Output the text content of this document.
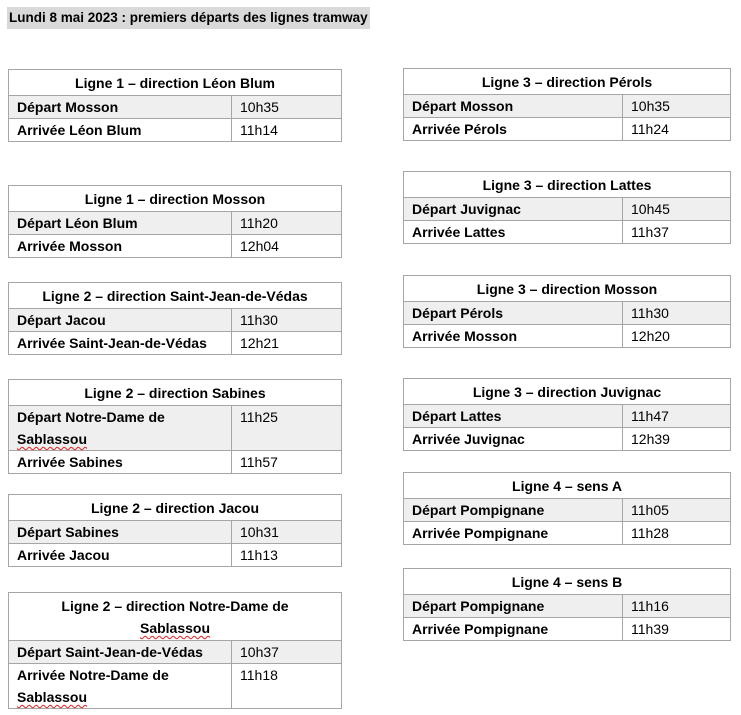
Lundi 8 mai 2023 : premiers départs des lignes tramway
Ligne 1 – direction Léon Blum	
Départ Mosson	10h35
Arrivée Léon Blum	11h14
Ligne 1 – direction Mosson	
Départ Léon Blum	11h20
Arrivée Mosson	12h04
Ligne 2 – direction Saint-Jean-de-Védas	
Départ Jacou	11h30
Arrivée Saint-Jean-de-Védas	12h21
Ligne 2 – direction Sabines	
Départ Notre-Dame de
Sablassou	11h25
Arrivée Sabines	11h57
Ligne 2 – direction Jacou	
Départ Sabines	10h31
Arrivée Jacou	11h13
Ligne 2 – direction Notre-Dame de
Sablassou	
Départ Saint-Jean-de-Védas	10h37
Arrivée Notre-Dame de
Sablassou	11h18
Ligne 3 – direction Pérols	
Départ Mosson	10h35
Arrivée Pérols	11h24
Ligne 3 – direction Lattes	
Départ Juvignac	10h45
Arrivée Lattes	11h37
Ligne 3 – direction Mosson	
Départ Pérols	11h30
Arrivée Mosson	12h20
Ligne 3 – direction Juvignac	
Départ Lattes	11h47
Arrivée Juvignac	12h39
Ligne 4 – sens A	
Départ Pompignane	11h05
Arrivée Pompignane	11h28
Ligne 4 – sens B	
Départ Pompignane	11h16
Arrivée Pompignane	11h39
